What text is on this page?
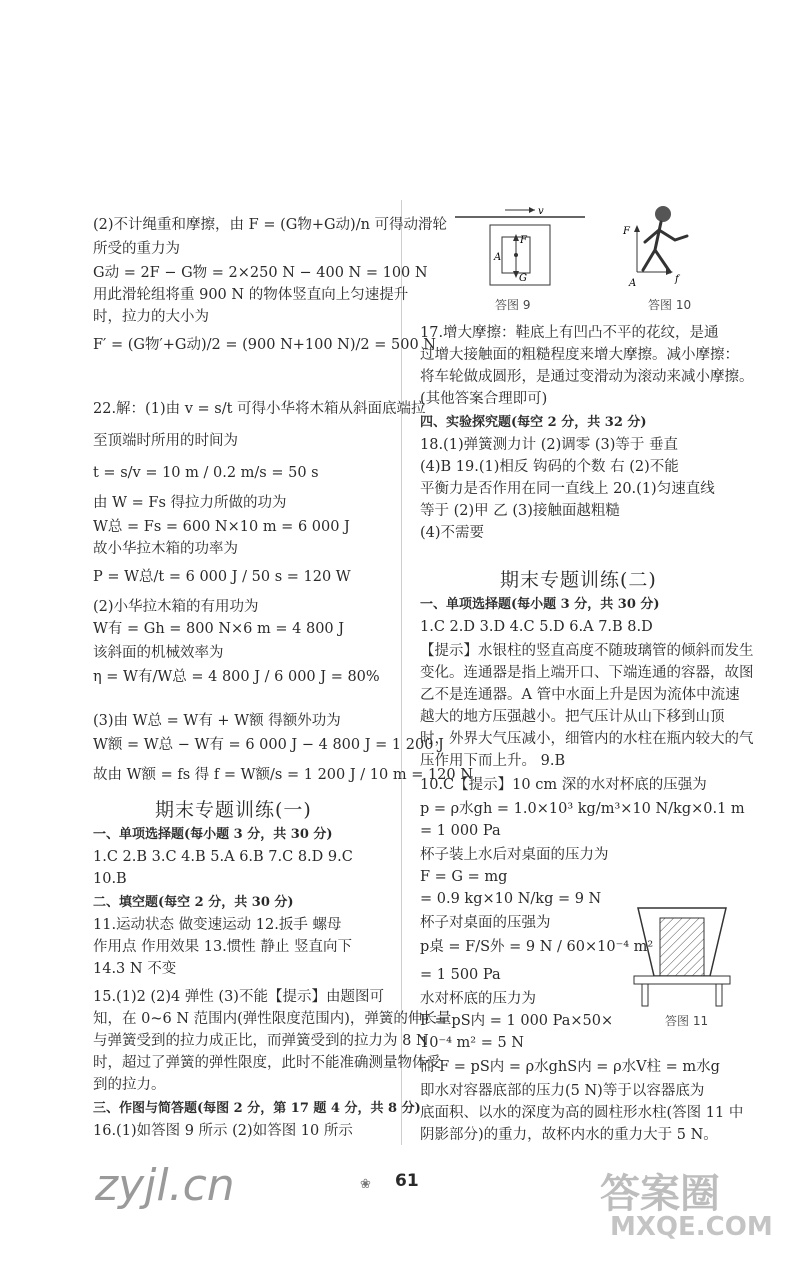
(2)不计绳重和摩擦，由 F = (G物+G动)/n 可得动滑轮
所受的重力为
G动 = 2F − G物 = 2×250 N − 400 N = 100 N
用此滑轮组将重 900 N 的物体竖直向上匀速提升
时，拉力的大小为
F′ = (G物′+G动)/2 = (900 N+100 N)/2 = 500 N
22.解：(1)由 v = s/t 可得小华将木箱从斜面底端拉
至顶端时所用的时间为
t = s/v = 10 m / 0.2 m/s = 50 s
由 W = Fs 得拉力所做的功为
W总 = Fs = 600 N×10 m = 6 000 J
故小华拉木箱的功率为
P = W总/t = 6 000 J / 50 s = 120 W
(2)小华拉木箱的有用功为
W有 = Gh = 800 N×6 m = 4 800 J
该斜面的机械效率为
η = W有/W总 = 4 800 J / 6 000 J = 80%
(3)由 W总 = W有 + W额 得额外功为
W额 = W总 − W有 = 6 000 J − 4 800 J = 1 200 J
故由 W额 = fs 得 f = W额/s = 1 200 J / 10 m = 120 N
期末专题训练(一)
一、单项选择题(每小题 3 分，共 30 分)
1.C 2.B 3.C 4.B 5.A 6.B 7.C 8.D 9.C
10.B
二、填空题(每空 2 分，共 30 分)
11.运动状态 做变速运动 12.扳手 螺母
作用点 作用效果 13.惯性 静止 竖直向下
14.3 N 不变
15.(1)2 (2)4 弹性 (3)不能【提示】由题图可
知，在 0~6 N 范围内(弹性限度范围内)，弹簧的伸长量
与弹簧受到的拉力成正比，而弹簧受到的拉力为 8 N
时，超过了弹簧的弹性限度，此时不能准确测量物体受
到的拉力。
三、作图与简答题(每图 2 分，第 17 题 4 分，共 8 分)
16.(1)如答图 9 所示 (2)如答图 10 所示
v
F
A
G
答图 9
F
A	f
答图 10
17.增大摩擦：鞋底上有凹凸不平的花纹，是通
过增大接触面的粗糙程度来增大摩擦。减小摩擦：
将车轮做成圆形，是通过变滑动为滚动来减小摩擦。
(其他答案合理即可)
四、实验探究题(每空 2 分，共 32 分)
18.(1)弹簧测力计 (2)调零 (3)等于 垂直
(4)B 19.(1)相反 钩码的个数 右 (2)不能
平衡力是否作用在同一直线上 20.(1)匀速直线
等于 (2)甲 乙 (3)接触面越粗糙
(4)不需要
期末专题训练(二)
一、单项选择题(每小题 3 分，共 30 分)
1.C 2.D 3.D 4.C 5.D 6.A 7.B 8.D
【提示】水银柱的竖直高度不随玻璃管的倾斜而发生
变化。连通器是指上端开口、下端连通的容器，故图
乙不是连通器。A 管中水面上升是因为流体中流速
越大的地方压强越小。把气压计从山下移到山顶
时，外界大气压减小，细管内的水柱在瓶内较大的气
压作用下而上升。 9.B
10.C【提示】10 cm 深的水对杯底的压强为
p = ρ水gh = 1.0×10³ kg/m³×10 N/kg×0.1 m
= 1 000 Pa
杯子装上水后对桌面的压力为
F = G = mg
= 0.9 kg×10 N/kg = 9 N
杯子对桌面的压强为
p桌 = F/S外 = 9 N / 60×10⁻⁴ m²
= 1 500 Pa
水对杯底的压力为
F = pS内 = 1 000 Pa×50×
10⁻⁴ m² = 5 N
而 F = pS内 = ρ水ghS内 = ρ水V柱 = m水g
即水对容器底部的压力(5 N)等于以容器底为
底面积、以水的深度为高的圆柱形水柱(答图 11 中
阴影部分)的重力，故杯内水的重力大于 5 N。
答图 11
zyjl.cn	❀ 61	答案圈
MXQE.COM
